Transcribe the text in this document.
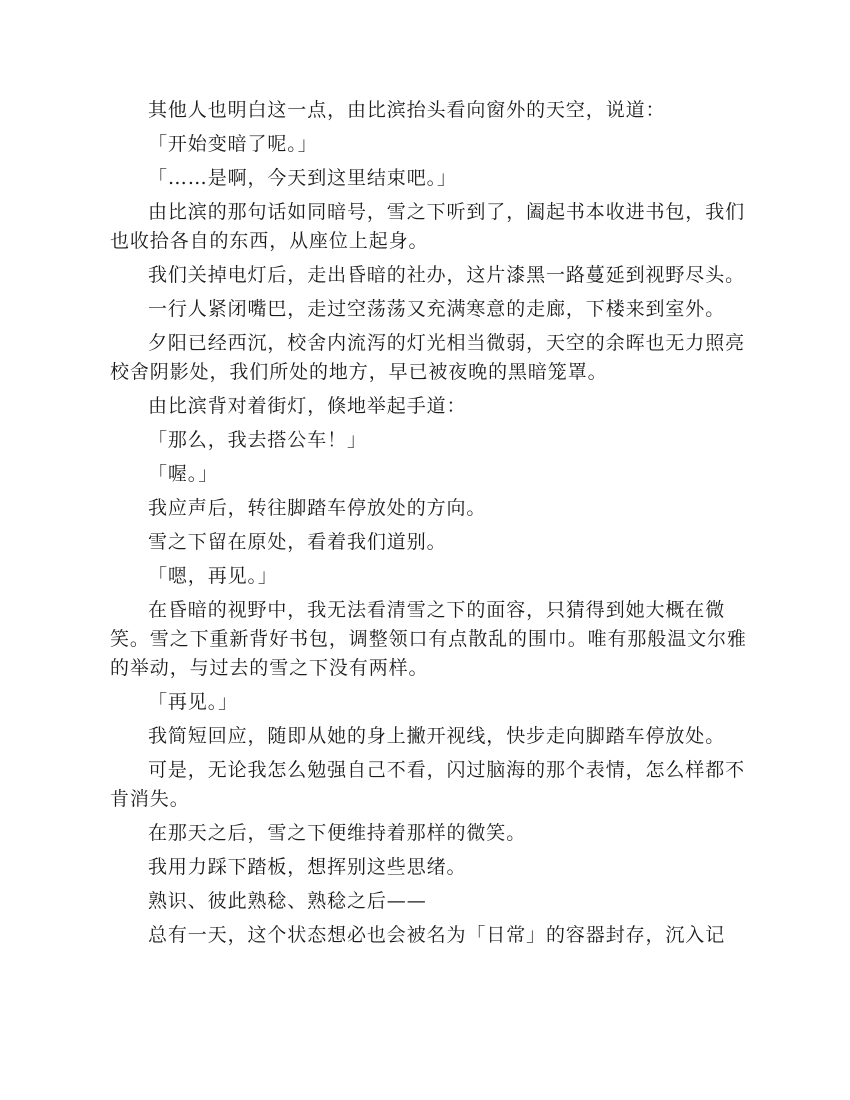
其他人也明白这一点，由比滨抬头看向窗外的天空，说道：

「开始变暗了呢。」

「……是啊，今天到这里结束吧。」

由比滨的那句话如同暗号，雪之下听到了，阖起书本收进书包，我们也收拾各自的东西，从座位上起身。

我们关掉电灯后，走出昏暗的社办，这片漆黑一路蔓延到视野尽头。

一行人紧闭嘴巴，走过空荡荡又充满寒意的走廊，下楼来到室外。

夕阳已经西沉，校舍内流泻的灯光相当微弱，天空的余晖也无力照亮校舍阴影处，我们所处的地方，早已被夜晚的黑暗笼罩。

由比滨背对着街灯，倏地举起手道：

「那么，我去搭公车！」

「喔。」

我应声后，转往脚踏车停放处的方向。

雪之下留在原处，看着我们道别。

「嗯，再见。」

在昏暗的视野中，我无法看清雪之下的面容，只猜得到她大概在微笑。雪之下重新背好书包，调整领口有点散乱的围巾。唯有那般温文尔雅的举动，与过去的雪之下没有两样。

「再见。」

我简短回应，随即从她的身上撇开视线，快步走向脚踏车停放处。

可是，无论我怎么勉强自己不看，闪过脑海的那个表情，怎么样都不肯消失。

在那天之后，雪之下便维持着那样的微笑。

我用力踩下踏板，想挥别这些思绪。

熟识、彼此熟稔、熟稔之后——

总有一天，这个状态想必也会被名为「日常」的容器封存，沉入记
